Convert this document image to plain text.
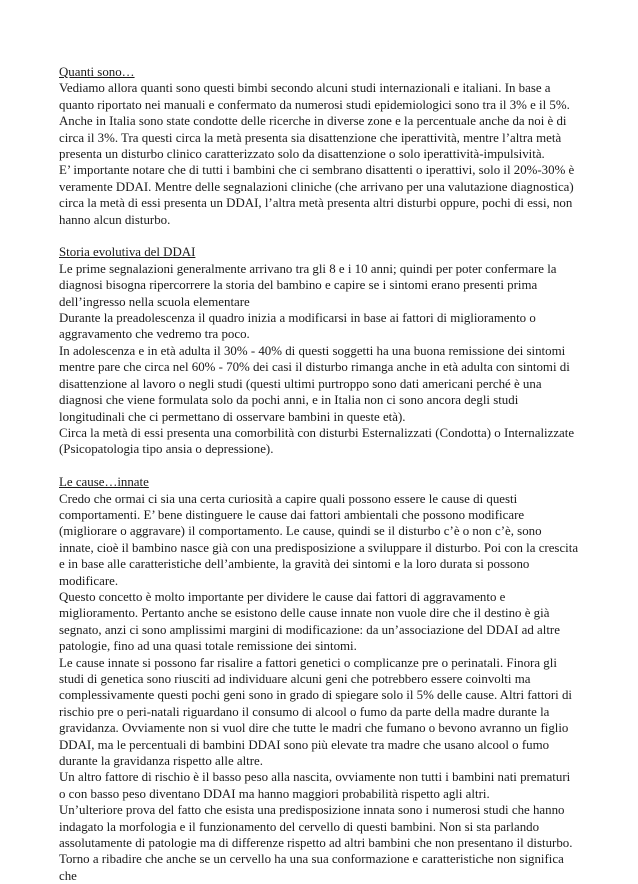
Quanti sono…

Vediamo allora quanti sono questi bimbi secondo alcuni studi internazionali e italiani. In base a quanto riportato nei manuali e confermato da numerosi studi epidemiologici sono tra il 3% e il 5%. Anche in Italia sono state condotte delle ricerche in diverse zone e la percentuale anche da noi è di circa il 3%. Tra questi circa la metà presenta sia disattenzione che iperattività, mentre l’altra metà presenta un disturbo clinico caratterizzato solo da disattenzione o solo iperattività-impulsività.

E’ importante notare che di tutti i bambini che ci sembrano disattenti o iperattivi, solo il 20%-30% è veramente DDAI. Mentre delle segnalazioni cliniche (che arrivano per una valutazione diagnostica) circa la metà di essi presenta un DDAI, l’altra metà presenta altri disturbi oppure, pochi di essi, non hanno alcun disturbo.

Storia evolutiva del DDAI

Le prime segnalazioni generalmente arrivano tra gli 8 e i 10 anni; quindi per poter confermare la diagnosi bisogna ripercorrere la storia del bambino e capire se i sintomi erano presenti prima dell’ingresso nella scuola elementare

Durante la preadolescenza il quadro inizia a modificarsi in base ai fattori di miglioramento o aggravamento che vedremo tra poco.

In adolescenza e in età adulta il 30% - 40% di questi soggetti ha una buona remissione dei sintomi mentre pare che circa nel 60% - 70% dei casi il disturbo rimanga anche in età adulta con sintomi di disattenzione al lavoro o negli studi (questi ultimi purtroppo sono dati americani perché è una diagnosi che viene formulata solo da pochi anni, e in Italia non ci sono ancora degli studi longitudinali che ci permettano di osservare bambini in queste età).

Circa la metà di essi presenta una comorbilità con disturbi Esternalizzati (Condotta) o Internalizzate (Psicopatologia tipo ansia o depressione).

Le cause…innate

Credo che ormai ci sia una certa curiosità a capire quali possono essere le cause di questi comportamenti. E’ bene distinguere le cause dai fattori ambientali che possono modificare (migliorare o aggravare) il comportamento. Le cause, quindi se il disturbo c’è o non c’è, sono innate, cioè il bambino nasce già con una predisposizione a sviluppare il disturbo. Poi con la crescita e in base alle caratteristiche dell’ambiente, la gravità dei sintomi e la loro durata si possono modificare.

Questo concetto è molto importante per dividere le cause dai fattori di aggravamento e miglioramento. Pertanto anche se esistono delle cause innate non vuole dire che il destino è già segnato, anzi ci sono amplissimi margini di modificazione: da un’associazione del DDAI ad altre patologie, fino ad una quasi totale remissione dei sintomi.

Le cause innate si possono far risalire a fattori genetici o complicanze pre o perinatali. Finora gli studi di genetica sono riusciti ad individuare alcuni geni che potrebbero essere coinvolti ma complessivamente questi pochi geni sono in grado di spiegare solo il 5% delle cause. Altri fattori di rischio pre o peri-natali riguardano il consumo di alcool o fumo da parte della madre durante la gravidanza. Ovviamente non si vuol dire che tutte le madri che fumano o bevono avranno un figlio DDAI, ma le percentuali di bambini DDAI sono più elevate tra madre che usano alcool o fumo durante la gravidanza rispetto alle altre.

Un altro fattore di rischio è il basso peso alla nascita, ovviamente non tutti i bambini nati prematuri o con basso peso diventano DDAI ma hanno maggiori probabilità rispetto agli altri.

Un’ulteriore prova del fatto che esista una predisposizione innata sono i numerosi studi che hanno indagato la morfologia e il funzionamento del cervello di questi bambini. Non si sta parlando assolutamente di patologie ma di differenze rispetto ad altri bambini che non presentano il disturbo.

Torno a ribadire che anche se un cervello ha una sua conformazione e caratteristiche non significa che
